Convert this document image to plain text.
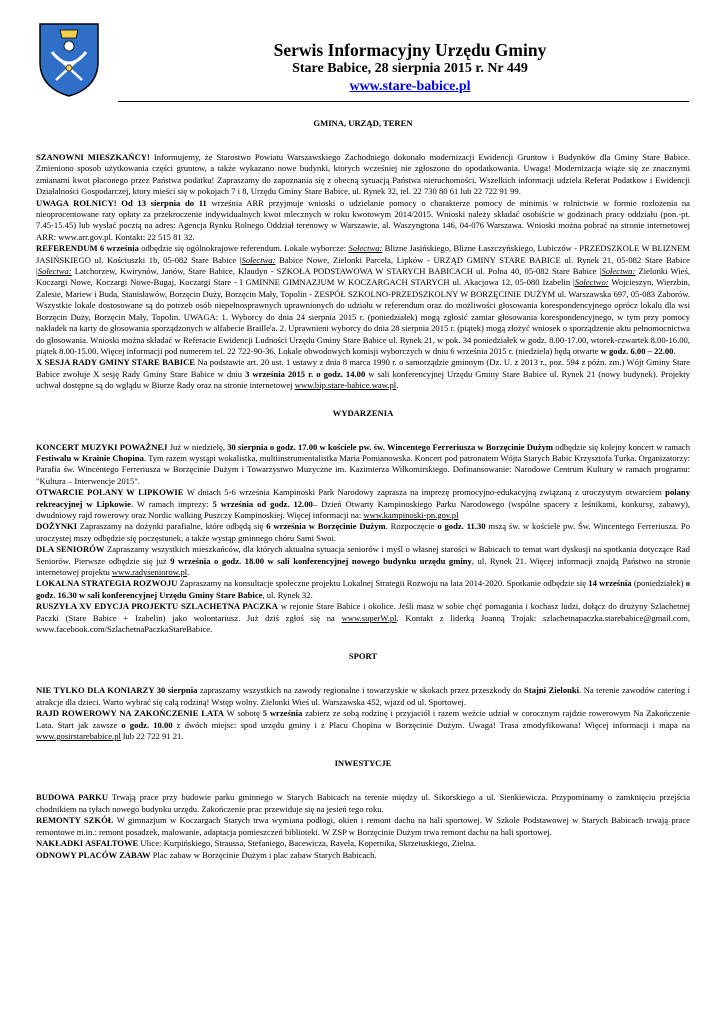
Serwis Informacyjny Urzędu Gminy
Stare Babice, 28 sierpnia 2015 r. Nr 449
www.stare-babice.pl
GMINA, URZĄD, TEREN

SZANOWNI MIESZKAŃCY! Informujemy, że Starostwo Powiatu Warszawskiego Zachodniego dokonało modernizacji Ewidencji Gruntow i Budynków dla Gminy Stare Babice. Zmieniono sposob użytkowania części gruntow, a także wykazano nowe budynki, ktorych wcześniej nie zgłoszono do opodatkowania. Uwaga! Modernizacja wiąże się ze znacznymi zmianami kwot płaconego przez Państwa podatku! Zapraszamy do zapoznania się z obecną sytuacją Państwa nieruchomości. Wszelkich informacji udziela Referat Podatkow i Ewidencji Działalności Gospodarczej, ktory mieści się w pokojach 7 i 8, Urzędu Gminy Stare Babice, ul. Rynek 32, tel. 22 730 80 61 lub 22 722 91 99.

UWAGA ROLNICY! Od 13 sierpnia do 11 września ARR przyjmuje wnioski o udzielanie pomocy o charakterze pomocy de minimis w rolnictwie w formie rozłożenia na nieoprocentowane raty opłaty za przekroczenie indywidualnych kwot mlecznych w roku kwotowym 2014/2015. Wnioski należy składać osobiście w godzinach pracy oddziału (pon.-pt. 7.45-15.45) lub wysłać pocztą na adres: Agencja Rynku Rolnego Oddział terenowy w Warszawie, al. Waszyngtona 146, 04-076 Warszawa. Wnioski można pobrać na stronie internetowej ARR: www.arr.gov.pl. Kontakt: 22 515 81 32.

REFERENDUM 6 września odbędzie się ogólnokrajowe referendum. Lokale wyborcze: Sołectwa: Blizne Jasińskiego, Blizne Łaszczyńskiego, Lubiczów - PRZEDSZKOLE W BLIZNEM JASIŃSKIEGO ul. Kościuszki 1b, 05-082 Stare Babice |Sołectwa: Babice Nowe, Zielonki Parcela, Lipków - URZĄD GMINY STARE BABICE ul. Rynek 21, 05-082 Stare Babice |Sołectwa: Latchorzew, Kwirynów, Janów, Stare Babice, Klaudyn - SZKOŁA PODSTAWOWA W STARYCH BABICACH ul. Polna 40, 05-082 Stare Babice |Sołectwa: Zielonki Wieś, Koczargi Nowe, Koczargi Nowe-Bugaj, Koczargi Stare - I GMINNE GIMNAZJUM W KOCZARGACH STARYCH ul. Akacjowa 12, 05-080 Izabelin |Sołectwo: Wojcieszyn, Wierzbin, Zalesie, Mariew i Buda, Stanisławów, Borzęcin Duży, Borzęcin Mały, Topolin - ZESPÓŁ SZKOLNO-PRZEDSZKOLNY W BORZĘCINIE DUŻYM ul. Warszawska 697, 05-083 Zaborów. Wszystkie lokale dostosowane są do potrzeb osób niepełnosprawnych uprawnionych do udziału w referendum oraz do możliwości głosowania korespondencyjnego oprócz lokalu dla wsi Borzęcin Duży, Borzęcin Mały, Topolin. UWAGA: 1. Wyborcy do dnia 24 sierpnia 2015 r. (poniedziałek) mogą zgłosić zamiar głosowania korespondencyjnego, w tym przy pomocy nakładek na karty do głosowania sporządzonych w alfabecie Braille'a. 2. Uprawnieni wyborcy do dnia 28 sierpnia 2015 r. (piątek) mogą złożyć wniosek o sporządzenie aktu pełnomocnictwa do głosowania. Wnioski można składać w Referacie Ewidencji Ludności Urzędu Gminy Stare Babice ul. Rynek 21, w pok. 34 poniedziałek w godz. 8.00-17.00, wtorek-czwartek 8.00-16.00, piątek 8.00-15.00. Więcej informacji pod numerem tel. 22 722-90-36. Lokale obwodowych komisji wyborczych w dniu 6 września 2015 r. (niedziela) będą otwarte w godz. 6.00 – 22.00.

X SESJA RADY GMINY STARE BABICE Na podstawie art. 20 ust. 1 ustawy z dnia 8 marca 1990 r. o samorządzie gminnym (Dz. U. z 2013 r., poz. 594 z późn. zm.) Wójt Gminy Stare Babice zwołuje X sesję Rady Gminy Stare Babice w dniu 3 września 2015 r. o godz. 14.00 w sali konferencyjnej Urzędu Gminy Stare Babice ul. Rynek 21 (nowy budynek). Projekty uchwał dostępne są do wglądu w Biurze Rady oraz na stronie internetowej www.bip.stare-babice.waw.pl.

WYDARZENIA

KONCERT MUZYKI POWAŻNEJ Już w niedzielę, 30 sierpnia o godz. 17.00 w kościele pw. św. Wincentego Ferreriusza w Borzęcinie Dużym odbędzie się kolejny koncert w ramach Festiwalu w Krainie Chopina. Tym razem wystąpi wokalistka, multiinstrumentalistka Maria Pomianowska. Koncert pod patronatem Wójta Starych Babic Krzysztofa Turka. Organizatorzy: Parafia św. Wincentego Ferreriusza w Borzęcinie Dużym i Towarzystwo Muzyczne im. Kazimierza Wiłkomirskiego. Dofinansowanie: Narodowe Centrum Kultury w ramach programu: "Kultura – Interwencje 2015".

OTWARCIE POLANY W LIPKOWIE W dniach 5-6 września Kampinoski Park Narodowy zaprasza na imprezę promocyjno-edukacyjną związaną z uroczystym otwarciem polany rekreacyjnej w Lipkowie. W ramach imprezy: 5 września od godz. 12.00– Dzień Otwarty Kampinoskiego Parku Narodowego (wspólne spacery z leśnikami, konkursy, zabawy), dwudniowy rajd rowerowy oraz Nordic walking Puszczy Kampinoskiej. Więcej informacji na: www.kampinoski-pn.gov.pl

DOŻYNKI Zapraszamy na dożynki parafialne, które odbędą się 6 września w Borzęcinie Dużym. Rozpoczęcie o godz. 11.30 mszą św. w kościele pw. Św. Wincentego Ferreriusza. Po uroczystej mszy odbędzie się poczęstunek, a także wystąp gminnego chóru Sami Swoi.

DLA SENIORÓW Zapraszamy wszystkich mieszkańców, dla których aktualna sytuacja seniorów i myśl o własnej starości w Babicach to temat wart dyskusji na spotkania dotyczące Rad Seniorów. Pierwsze odbędzie się już 9 września o godz. 18.00 w sali konferencyjnej nowego budynku urzędu gminy, ul. Rynek 21. Więcej informacji znajdą Państwo na stronie internetowej projektu www.radyseniorow.pl.

LOKALNA STRATEGIA ROZWOJU Zapraszamy na konsultacje społeczne projektu Lokalnej Strategii Rozwoju na lata 2014-2020. Spotkanie odbędzie się 14 września (poniedziałek) o godz. 16.30 w sali konferencyjnej Urzędu Gminy Stare Babice, ul. Rynek 32.

RUSZYŁA XV EDYCJA PROJEKTU SZLACHETNA PACZKA w rejonie Stare Babice i okolice. Jeśli masz w sobie chęć pomagania i kochasz ludzi, dołącz do drużyny Szlachetnej Paczki (Stare Babice + Izabelin) jako wolontariusz. Już dziś zgłoś się na www.superW.pl. Kontakt z liderką Joanną Trojak: szlachetnapaczka.starebabice@gmail.com, www.facebook.com/SzlachetnaPaczkaStareBabice.

SPORT

NIE TYLKO DLA KONIARZY 30 sierpnia zapraszamy wszystkich na zawody regionalne i towarzyskie w skokach przez przeszkody do Stajni Zielonki. Na terenie zawodów catering i atrakcje dla dzieci. Warto wybrać się całą rodziną! Wstęp wolny. Zielonki Wieś ul. Warszawska 452, wjazd od ul. Sportowej.

RAJD ROWEROWY NA ZAKOŃCZENIE LATA W sobotę 5 września zabierz ze sobą rodzinę i przyjaciół i razem weźcie udział w corocznym rajdzie rowerowym Na Zakończenie Lata. Start jak zawsze o godz. 10.00 z dwóch miejsc: spod urzędu gminy i z Placu Chopina w Borzęcinie Dużym. Uwaga! Trasa zmodyfikowana! Więcej informacji i mapa na www.gosirstarebabice.pl lub 22 722 91 21.

INWESTYCJE

BUDOWA PARKU Trwają prace przy budowie parku gminnego w Starych Babicach na terenie między ul. Sikorskiego a ul. Sienkiewicza. Przypominamy o zamknięciu przejścia chodnikiem na tyłach nowego budynku urzędu. Zakończenie prac przewiduje się na jesień tego roku.

REMONTY SZKÓŁ W gimnazjum w Koczargach Starych trwa wymiana podłogi, okien i remont dachu na hali sportowej. W Szkole Podstawowej w Starych Babicach trwają prace remontowe m.in.: remont posadzek, malowanie, adaptacja pomieszczeń biblioteki. W ZSP w Borzęcinie Dużym trwa remont dachu na hali sportowej.

NAKŁADKI ASFALTOWE Ulice: Kurpińskiego, Straussa, Stefaniego, Bacewicza, Ravela, Kopernika, Skrzetuskiego, Zielna.

ODNOWY PLACÓW ZABAW Plac zabaw w Borzęcinie Dużym i plac zabaw Starych Babicach.
